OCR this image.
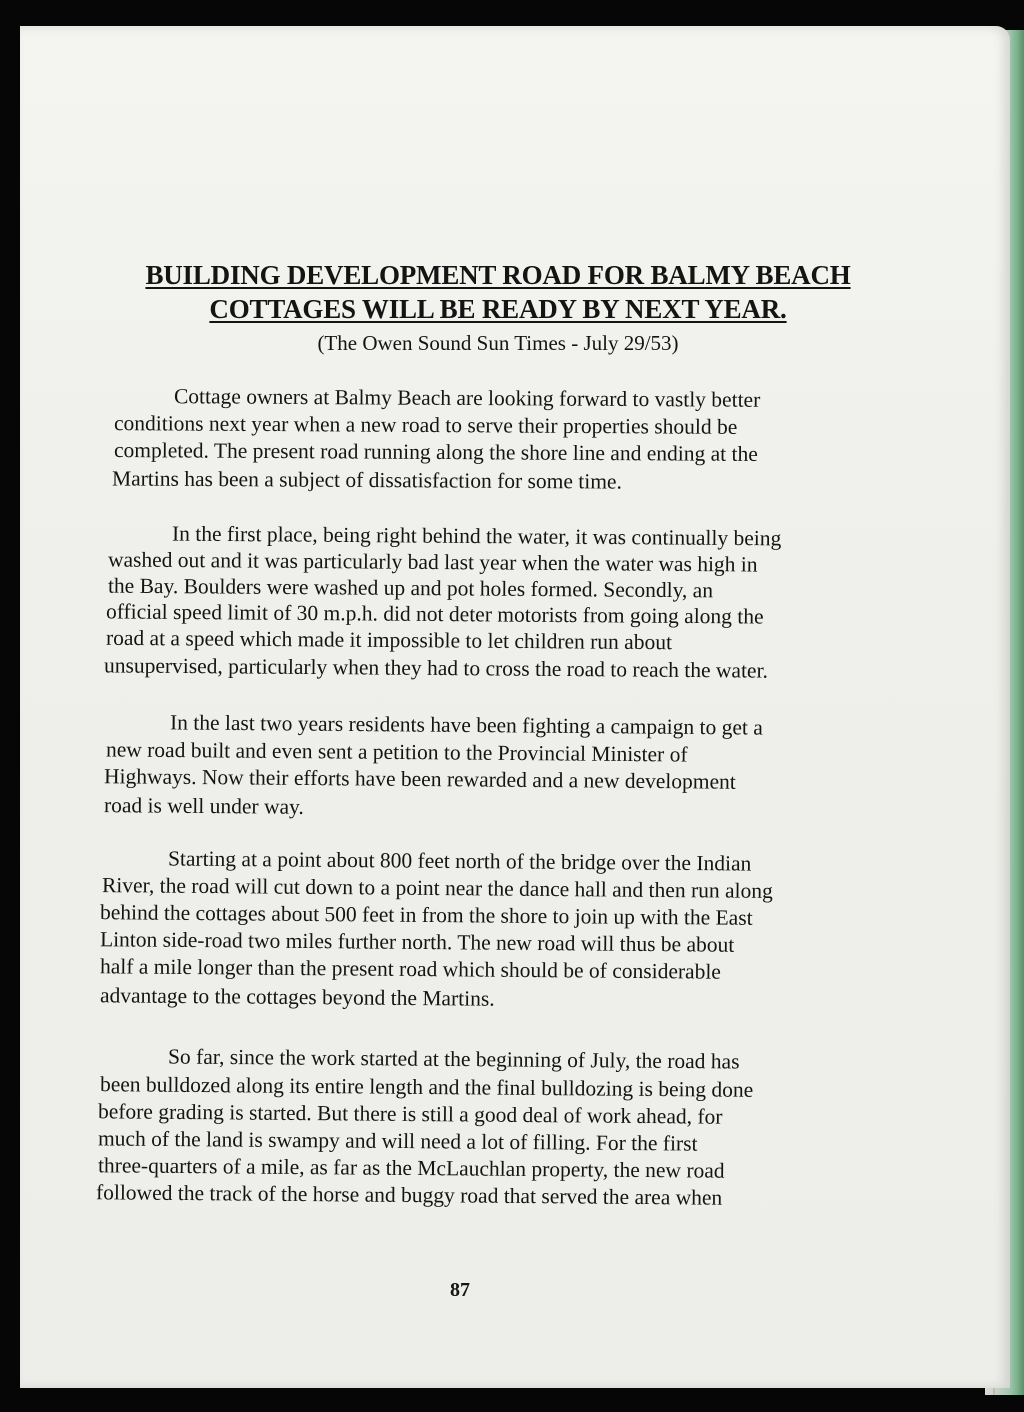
BUILDING DEVELOPMENT ROAD FOR BALMY BEACH
COTTAGES WILL BE READY BY NEXT YEAR.

(The Owen Sound Sun Times - July 29/53)

Cottage owners at Balmy Beach are looking forward to vastly better

conditions next year when a new road to serve their properties should be

completed. The present road running along the shore line and ending at the

Martins has been a subject of dissatisfaction for some time.

In the first place, being right behind the water, it was continually being

washed out and it was particularly bad last year when the water was high in

the Bay. Boulders were washed up and pot holes formed. Secondly, an

official speed limit of 30 m.p.h. did not deter motorists from going along the

road at a speed which made it impossible to let children run about

unsupervised, particularly when they had to cross the road to reach the water.

In the last two years residents have been fighting a campaign to get a

new road built and even sent a petition to the Provincial Minister of

Highways. Now their efforts have been rewarded and a new development

road is well under way.

Starting at a point about 800 feet north of the bridge over the Indian

River, the road will cut down to a point near the dance hall and then run along

behind the cottages about 500 feet in from the shore to join up with the East

Linton side-road two miles further north. The new road will thus be about

half a mile longer than the present road which should be of considerable

advantage to the cottages beyond the Martins.

So far, since the work started at the beginning of July, the road has

been bulldozed along its entire length and the final bulldozing is being done

before grading is started. But there is still a good deal of work ahead, for

much of the land is swampy and will need a lot of filling. For the first

three-quarters of a mile, as far as the McLauchlan property, the new road

followed the track of the horse and buggy road that served the area when

87
